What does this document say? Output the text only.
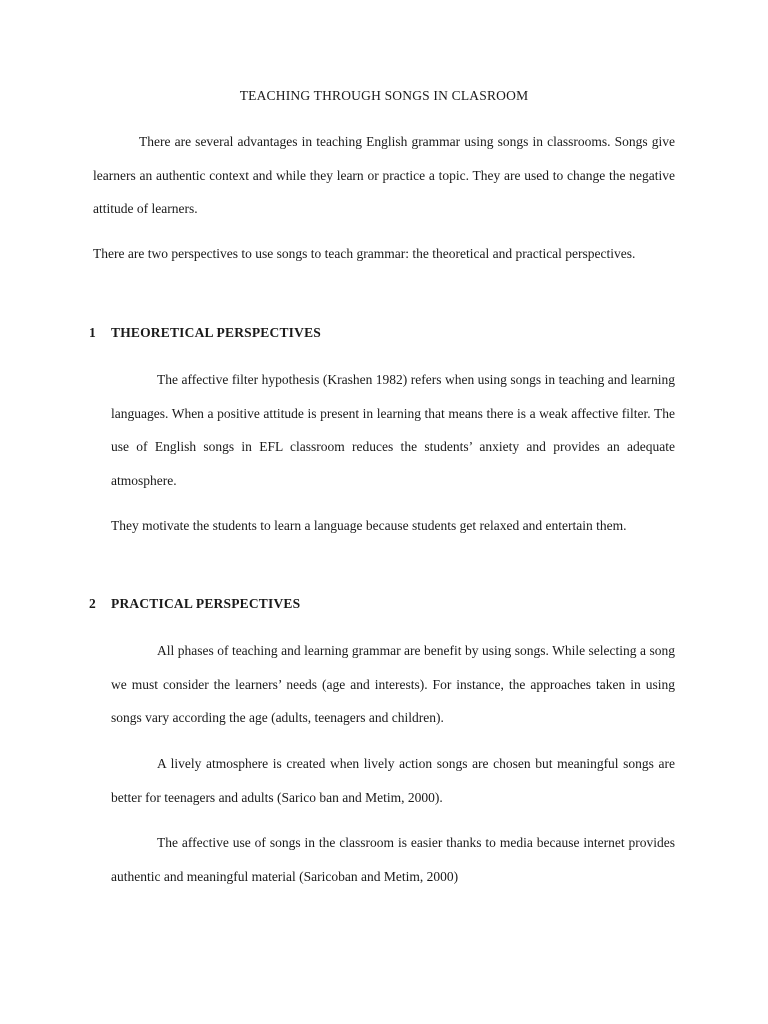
TEACHING THROUGH SONGS IN CLASROOM

There are several advantages in teaching English grammar using songs in classrooms. Songs give learners an authentic context and while they learn or practice a topic. They are used to change the negative attitude of learners.

There are two perspectives to use songs to teach grammar: the theoretical and practical perspectives.

1 THEORETICAL PERSPECTIVES

The affective filter hypothesis (Krashen 1982) refers when using songs in teaching and learning languages. When a positive attitude is present in learning that means there is a weak affective filter. The use of English songs in EFL classroom reduces the students’ anxiety and provides an adequate atmosphere.

They motivate the students to learn a language because students get relaxed and entertain them.

2 PRACTICAL PERSPECTIVES

All phases of teaching and learning grammar are benefit by using songs. While selecting a song we must consider the learners’ needs (age and interests). For instance, the approaches taken in using songs vary according the age (adults, teenagers and children).

A lively atmosphere is created when lively action songs are chosen but meaningful songs are better for teenagers and adults (Sarico ban and Metim, 2000).

The affective use of songs in the classroom is easier thanks to media because internet provides authentic and meaningful material (Saricoban and Metim, 2000)
